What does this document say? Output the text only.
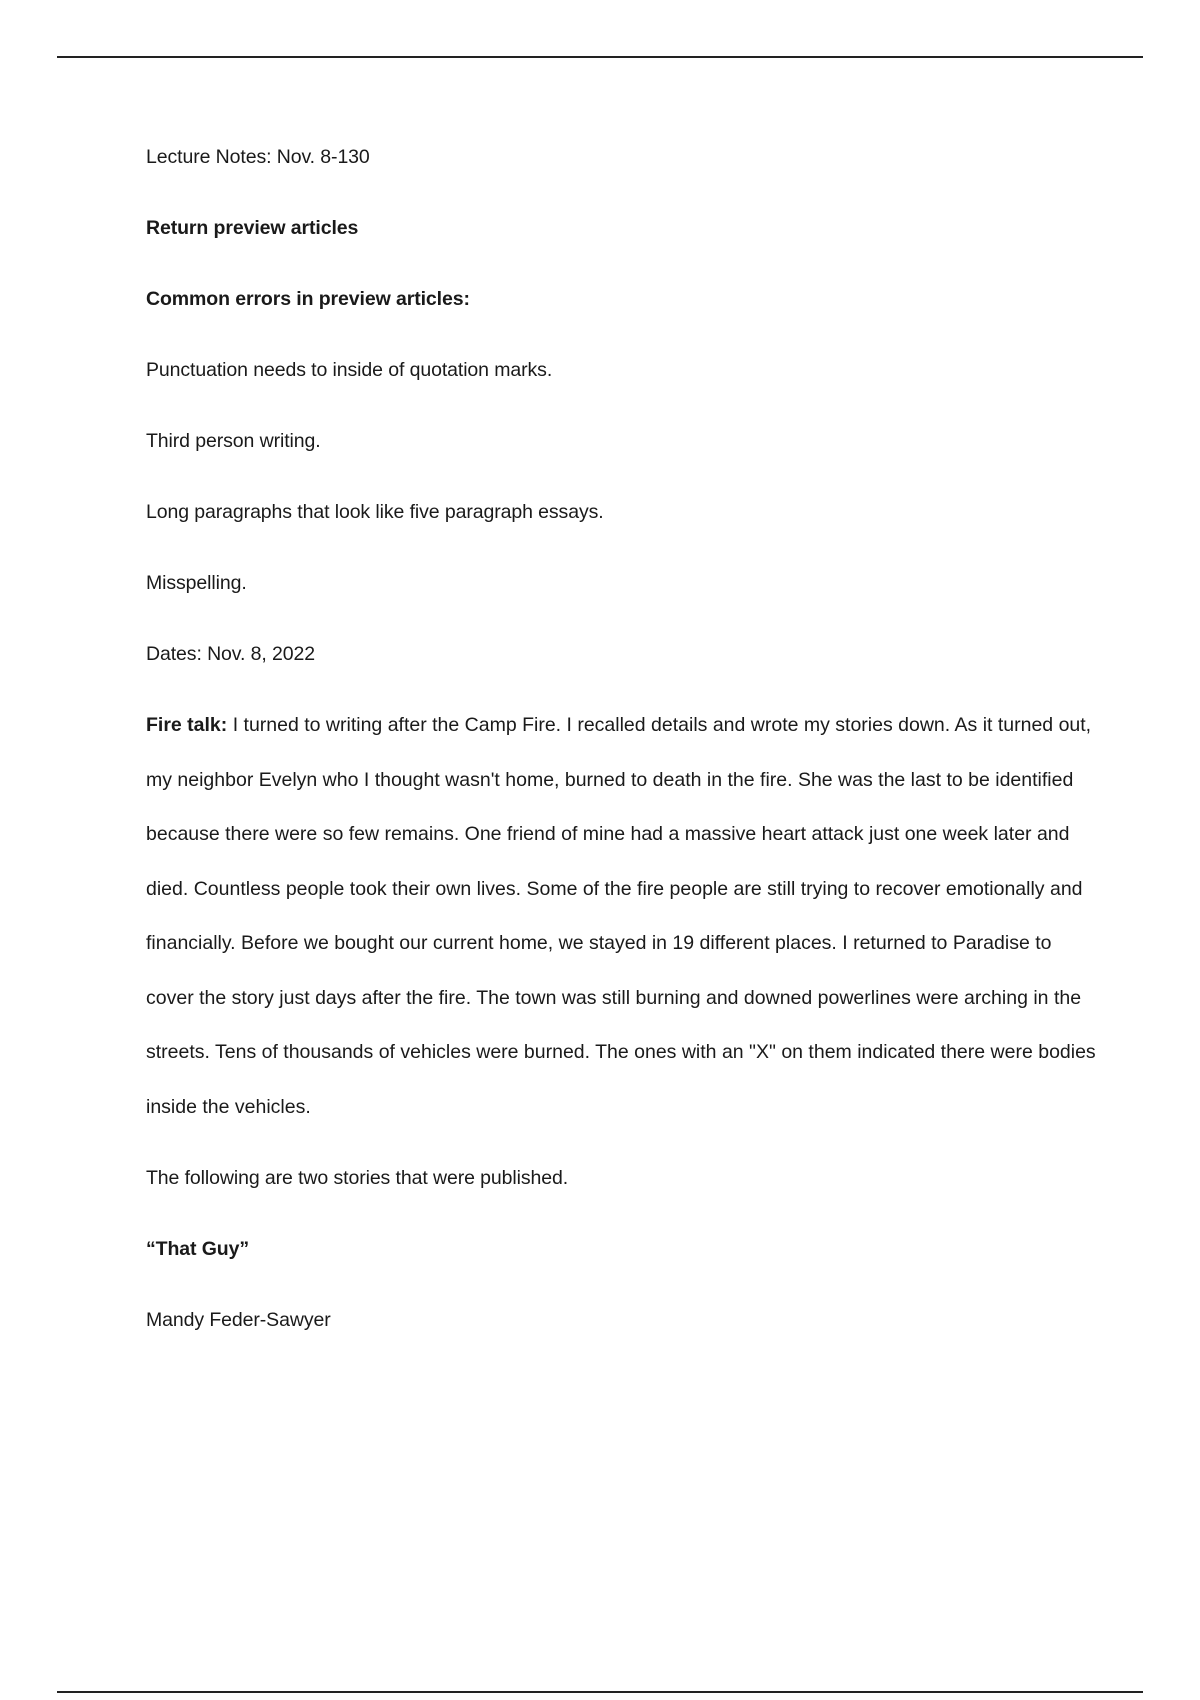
Lecture Notes: Nov. 8-130

Return preview articles

Common errors in preview articles:

Punctuation needs to inside of quotation marks.

Third person writing.

Long paragraphs that look like five paragraph essays.

Misspelling.

Dates: Nov. 8, 2022

Fire talk: I turned to writing after the Camp Fire. I recalled details and wrote my stories down. As it turned out, my neighbor Evelyn who I thought wasn't home, burned to death in the fire. She was the last to be identified because there were so few remains. One friend of mine had a massive heart attack just one week later and died. Countless people took their own lives. Some of the fire people are still trying to recover emotionally and financially. Before we bought our current home, we stayed in 19 different places. I returned to Paradise to cover the story just days after the fire. The town was still burning and downed powerlines were arching in the streets. Tens of thousands of vehicles were burned. The ones with an "X" on them indicated there were bodies inside the vehicles.

The following are two stories that were published.

“That Guy”

Mandy Feder-Sawyer
